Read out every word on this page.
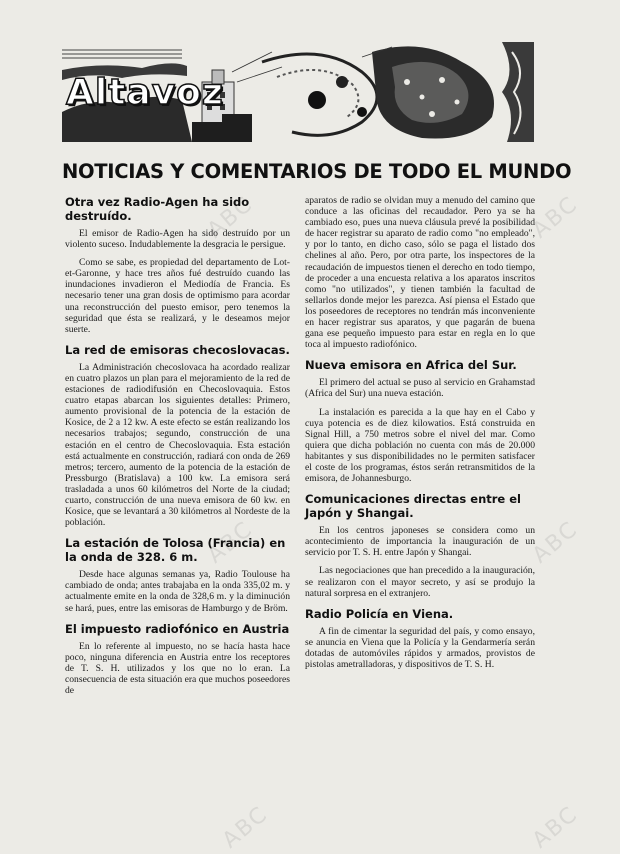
ABC	ABC
ABC	ABC
ABC	ABC
Altavoz
NOTICIAS Y COMENTARIOS DE TODO EL MUNDO
Otra vez Radio-Agen ha sido destruído.

El emisor de Radio-Agen ha sido destruído por un violento suceso. Indudablemente la desgracia le persigue.

Como se sabe, es propiedad del departamento de Lot-et-Garonne, y hace tres años fué destruído cuando las inundaciones invadieron el Mediodía de Francia. Es necesario tener una gran dosis de optimismo para acordar una reconstrucción del puesto emisor, pero tenemos la seguridad que ésta se realizará, y le deseamos mejor suerte.

La red de emisoras checoslovacas.

La Administración checoslovaca ha acordado realizar en cuatro plazos un plan para el mejoramiento de la red de estaciones de radiodifusión en Checoslovaquia. Estos cuatro etapas abarcan los siguientes detalles: Primero, aumento provisional de la potencia de la estación de Kosice, de 2 a 12 kw. A este efecto se están realizando los necesarios trabajos; segundo, construcción de una estación en el centro de Checoslovaquia. Esta estación está actualmente en construcción, radiará con onda de 269 metros; tercero, aumento de la potencia de la estación de Pressburgo (Bratislava) a 100 kw. La emisora será trasladada a unos 60 kilómetros del Norte de la ciudad; cuarto, construcción de una nueva emisora de 60 kw. en Kosice, que se levantará a 30 kilómetros al Nordeste de la población.

La estación de Tolosa (Francia) en la onda de 328. 6 m.

Desde hace algunas semanas ya, Radio Toulouse ha cambiado de onda; antes trabajaba en la onda 335,02 m. y actualmente emite en la onda de 328,6 m. y la diminución se hará, pues, entre las emisoras de Hamburgo y de Bröm.

El impuesto radiofónico en Austria

En lo referente al impuesto, no se hacía hasta hace poco, ninguna diferencia en Austria entre los receptores de T. S. H. utilizados y los que no lo eran. La consecuencia de esta situación era que muchos poseedores de

aparatos de radio se olvidan muy a menudo del camino que conduce a las oficinas del recaudador. Pero ya se ha cambiado eso, pues una nueva cláusula prevé la posibilidad de hacer registrar su aparato de radio como "no empleado", y por lo tanto, en dicho caso, sólo se paga el listado dos chelines al año. Pero, por otra parte, los inspectores de la recaudación de impuestos tienen el derecho en todo tiempo, de proceder a una encuesta relativa a los aparatos inscritos como "no utilizados", y tienen también la facultad de sellarlos donde mejor les parezca. Así piensa el Estado que los poseedores de receptores no tendrán más inconveniente en hacer registrar sus aparatos, y que pagarán de buena gana ese pequeño impuesto para estar en regla en lo que toca al impuesto radiofónico.

Nueva emisora en Africa del Sur.

El primero del actual se puso al servicio en Grahamstad (Africa del Sur) una nueva estación.

La instalación es parecida a la que hay en el Cabo y cuya potencia es de diez kilowatios. Está construida en Signal Hill, a 750 metros sobre el nivel del mar. Como quiera que dicha población no cuenta con más de 20.000 habitantes y sus disponibilidades no le permiten satisfacer el coste de los programas, éstos serán retransmitidos de la emisora, de Johannesburgo.

Comunicaciones directas entre el Japón y Shangai.

En los centros japoneses se considera como un acontecimiento de importancia la inauguración de un servicio por T. S. H. entre Japón y Shangai.

Las negociaciones que han precedido a la inauguración, se realizaron con el mayor secreto, y así se produjo la natural sorpresa en el extranjero.

Radio Policía en Viena.

A fin de cimentar la seguridad del país, y como ensayo, se anuncia en Viena que la Policía y la Gendarmería serán dotadas de automóviles rápidos y armados, provistos de pistolas ametralladoras, y dispositivos de T. S. H.
